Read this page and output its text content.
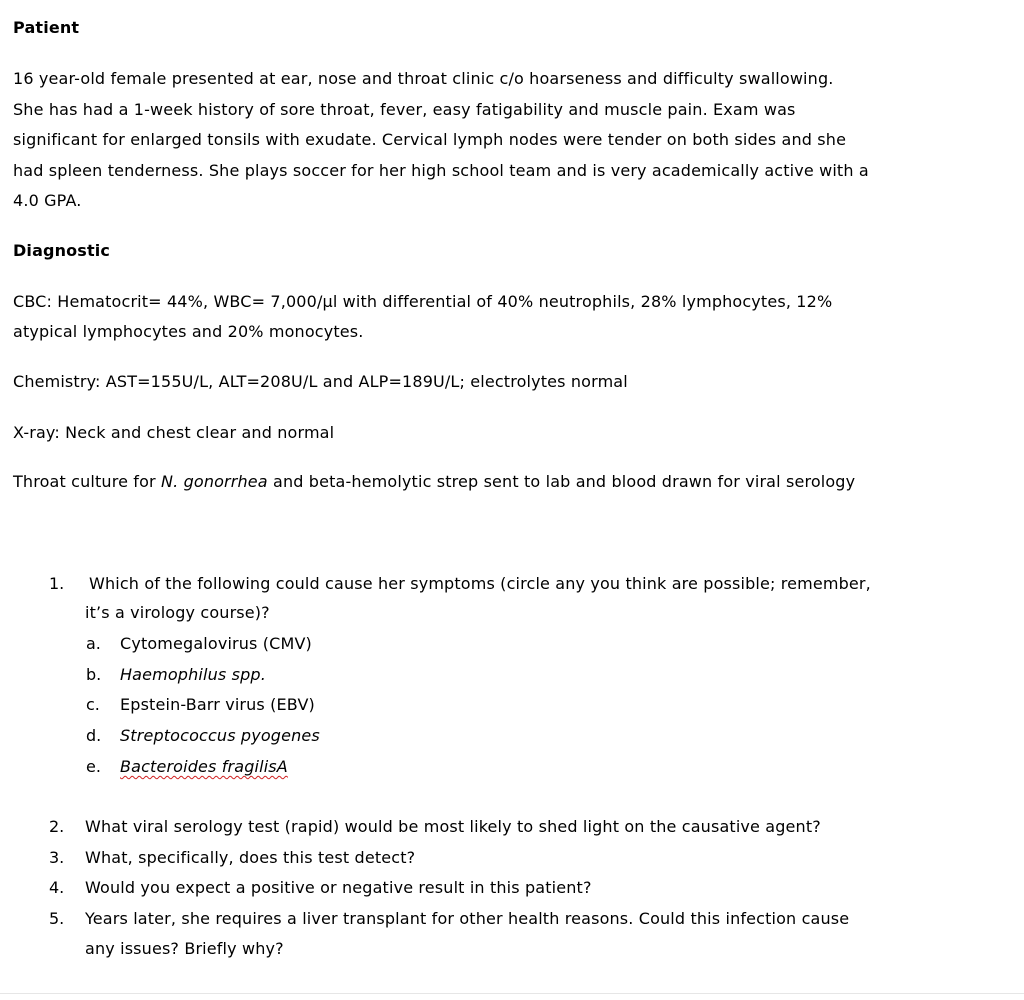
Patient
16 year-old female presented at ear, nose and throat clinic c/o hoarseness and difficulty swallowing.
She has had a 1-week history of sore throat, fever, easy fatigability and muscle pain. Exam was
significant for enlarged tonsils with exudate. Cervical lymph nodes were tender on both sides and she
had spleen tenderness. She plays soccer for her high school team and is very academically active with a
4.0 GPA.
Diagnostic
CBC: Hematocrit= 44%, WBC= 7,000/µl with differential of 40% neutrophils, 28% lymphocytes, 12%
atypical lymphocytes and 20% monocytes.
Chemistry: AST=155U/L, ALT=208U/L and ALP=189U/L; electrolytes normal
X-ray: Neck and chest clear and normal
Throat culture for N. gonorrhea and beta-hemolytic strep sent to lab and blood drawn for viral serology
1. Which of the following could cause her symptoms (circle any you think are possible; remember,
it’s a virology course)?
a. Cytomegalovirus (CMV)
b. Haemophilus spp.
c. Epstein-Barr virus (EBV)
d. Streptococcus pyogenes
e. Bacteroides fragilisA
2. What viral serology test (rapid) would be most likely to shed light on the causative agent?
3. What, specifically, does this test detect?
4. Would you expect a positive or negative result in this patient?
5. Years later, she requires a liver transplant for other health reasons. Could this infection cause
any issues? Briefly why?
